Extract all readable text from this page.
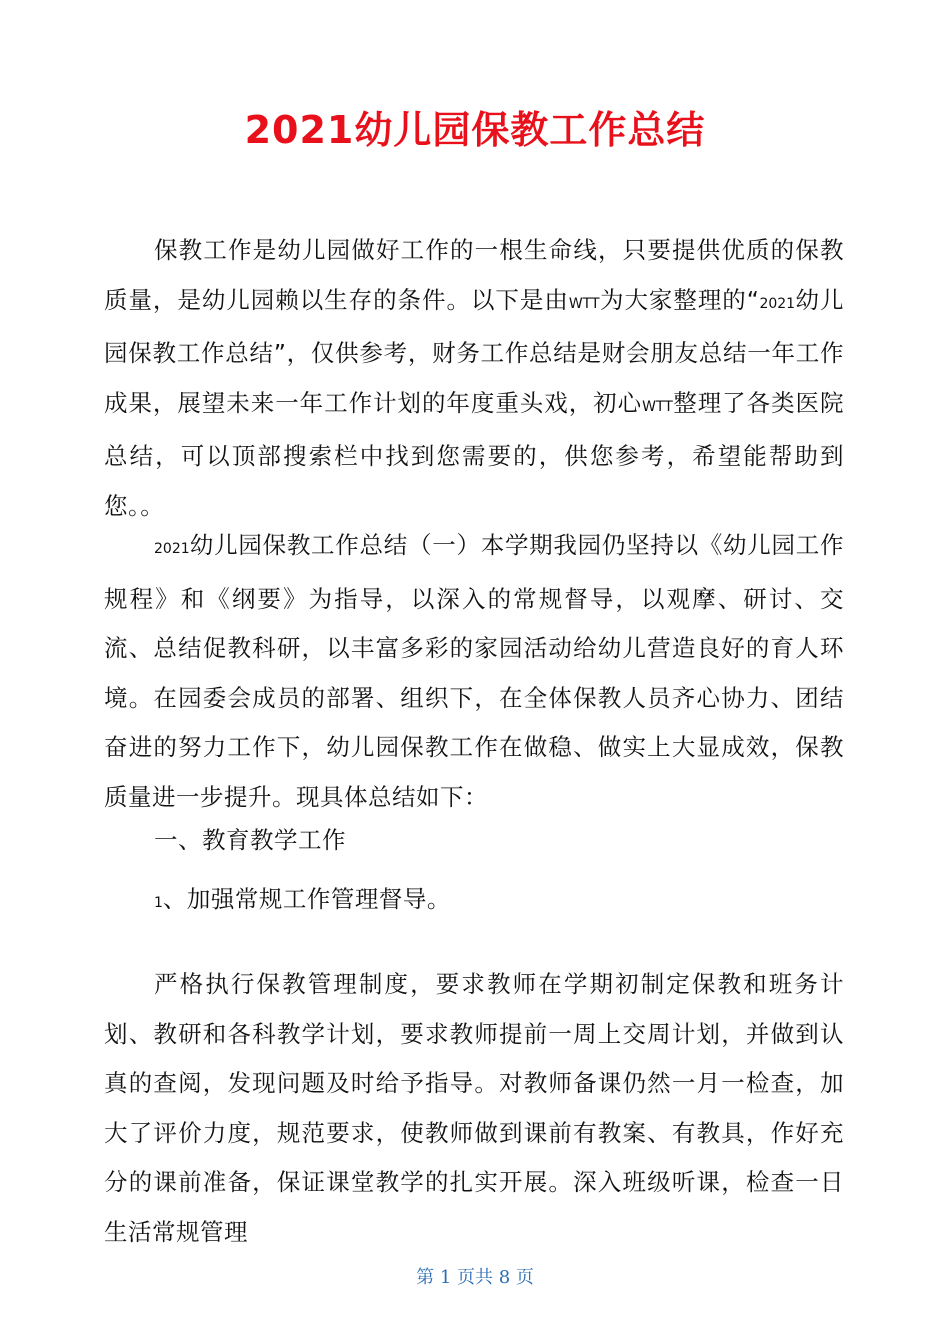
2021幼儿园保教工作总结
保教工作是幼儿园做好工作的一根生命线，只要提供优质的保教质量，是幼儿园赖以生存的条件。以下是由WTT为大家整理的“2021幼儿园保教工作总结”，仅供参考，财务工作总结是财会朋友总结一年工作成果，展望未来一年工作计划的年度重头戏，初心WTT整理了各类医院总结，可以顶部搜索栏中找到您需要的，供您参考，希望能帮助到您。。
2021幼儿园保教工作总结（一）本学期我园仍坚持以《幼儿园工作规程》和《纲要》为指导，以深入的常规督导，以观摩、研讨、交流、总结促教科研，以丰富多彩的家园活动给幼儿营造良好的育人环境。在园委会成员的部署、组织下，在全体保教人员齐心协力、团结奋进的努力工作下，幼儿园保教工作在做稳、做实上大显成效，保教质量进一步提升。现具体总结如下：
一、教育教学工作
1、加强常规工作管理督导。
严格执行保教管理制度，要求教师在学期初制定保教和班务计划、教研和各科教学计划，要求教师提前一周上交周计划，并做到认真的查阅，发现问题及时给予指导。对教师备课仍然一月一检查，加大了评价力度，规范要求，使教师做到课前有教案、有教具，作好充分的课前准备，保证课堂教学的扎实开展。深入班级听课，检查一日生活常规管理
第 1 页共 8 页
